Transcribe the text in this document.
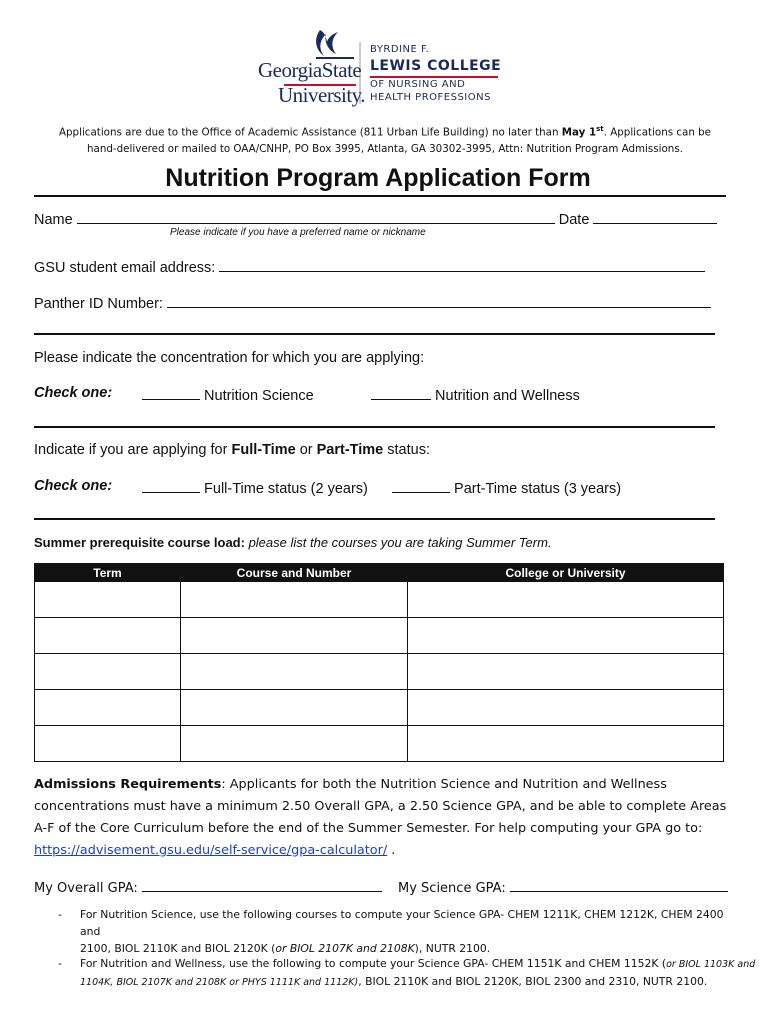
GeorgiaState
University.
BYRDINE F.
LEWIS COLLEGE
OF NURSING AND
HEALTH PROFESSIONS
Applications are due to the Office of Academic Assistance (811 Urban Life Building) no later than May 1st. Applications can be
hand-delivered or mailed to OAA/CNHP, PO Box 3995, Atlanta, GA 30302-3995, Attn: Nutrition Program Admissions.
Nutrition Program Application Form
Name	Date
Please indicate if you have a preferred name or nickname
GSU student email address:
Panther ID Number:
Please indicate the concentration for which you are applying:
Check one:	Nutrition Science	Nutrition and Wellness
Indicate if you are applying for Full-Time or Part-Time status:
Check one:	Full-Time status (2 years)	Part-Time status (3 years)
Summer prerequisite course load: please list the courses you are taking Summer Term.
Term	Course and Number	College or University

Admissions Requirements: Applicants for both the Nutrition Science and Nutrition and Wellness concentrations must have a minimum 2.50 Overall GPA, a 2.50 Science GPA, and be able to complete Areas A-F of the Core Curriculum before the end of the Summer Semester. For help computing your GPA go to:
https://advisement.gsu.edu/self-service/gpa-calculator/ .
My Overall GPA:	My Science GPA:
- For Nutrition Science, use the following courses to compute your Science GPA- CHEM 1211K, CHEM 1212K, CHEM 2400 and
2100, BIOL 2110K and BIOL 2120K (or BIOL 2107K and 2108K), NUTR 2100.
- For Nutrition and Wellness, use the following to compute your Science GPA- CHEM 1151K and CHEM 1152K (or BIOL 1103K and
1104K, BIOL 2107K and 2108K or PHYS 1111K and 1112K), BIOL 2110K and BIOL 2120K, BIOL 2300 and 2310, NUTR 2100.
